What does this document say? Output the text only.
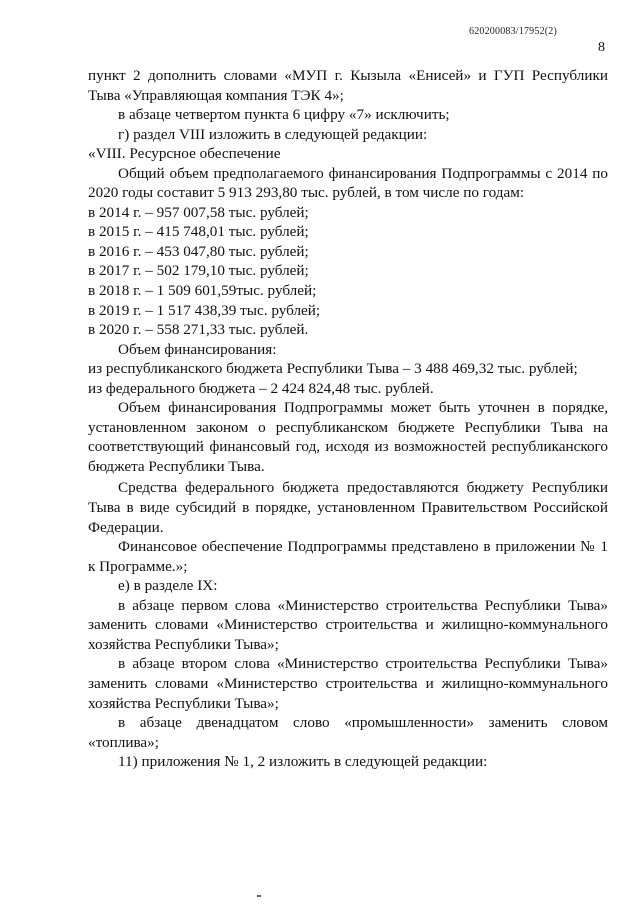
620200083/17952(2)
8

пункт 2 дополнить словами «МУП г. Кызыла «Енисей» и ГУП Республики Тыва «Управляющая компания ТЭК 4»;

в абзаце четвертом пункта 6 цифру «7» исключить;

г) раздел VIII изложить в следующей редакции:

«VIII. Ресурсное обеспечение

Общий объем предполагаемого финансирования Подпрограммы с 2014 по 2020 годы составит 5 913 293,80 тыс. рублей, в том числе по годам:

в 2014 г. – 957 007,58 тыс. рублей;

в 2015 г. – 415 748,01 тыс. рублей;

в 2016 г. – 453 047,80 тыс. рублей;

в 2017 г. – 502 179,10 тыс. рублей;

в 2018 г. – 1 509 601,59тыс. рублей;

в 2019 г. – 1 517 438,39 тыс. рублей;

в 2020 г. – 558 271,33 тыс. рублей.

Объем финансирования:

из республиканского бюджета Республики Тыва – 3 488 469,32 тыс. рублей;

из федерального бюджета – 2 424 824,48 тыс. рублей.

Объем финансирования Подпрограммы может быть уточнен в порядке, установленном законом о республиканском бюджете Республики Тыва на соответствующий финансовый год, исходя из возможностей республиканского бюджета Республики Тыва.

Средства федерального бюджета предоставляются бюджету Республики Тыва в виде субсидий в порядке, установленном Правительством Российской Федерации.

Финансовое обеспечение Подпрограммы представлено в приложении № 1 к Программе.»;

е) в разделе IX:

в абзаце первом слова «Министерство строительства Республики Тыва» заменить словами «Министерство строительства и жилищно-коммунального хозяйства Республики Тыва»;

в абзаце втором слова «Министерство строительства Республики Тыва» заменить словами «Министерство строительства и жилищно-коммунального хозяйства Республики Тыва»;

в абзаце двенадцатом слово «промышленности» заменить словом «топлива»;

11) приложения № 1, 2 изложить в следующей редакции:
